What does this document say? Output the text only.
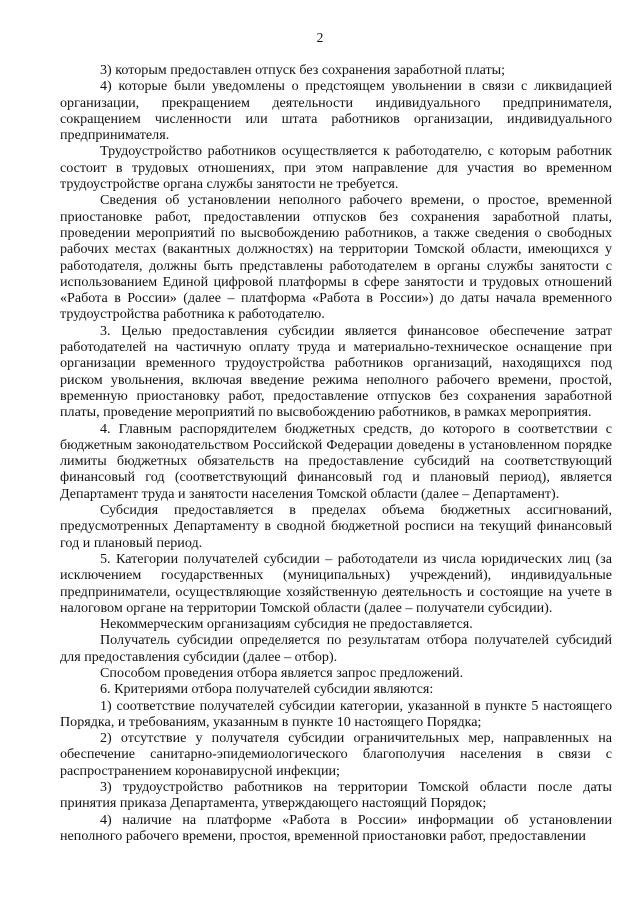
2

3) которым предоставлен отпуск без сохранения заработной платы;

4) которые были уведомлены о предстоящем увольнении в связи с ликвидацией организации, прекращением деятельности индивидуального предпринимателя, сокращением численности или штата работников организации, индивидуального предпринимателя.

Трудоустройство работников осуществляется к работодателю, с которым работник состоит в трудовых отношениях, при этом направление для участия во временном трудоустройстве органа службы занятости не требуется.

Сведения об установлении неполного рабочего времени, о простое, временной приостановке работ, предоставлении отпусков без сохранения заработной платы, проведении мероприятий по высвобождению работников, а также сведения о свободных рабочих местах (вакантных должностях) на территории Томской области, имеющихся у работодателя, должны быть представлены работодателем в органы службы занятости с использованием Единой цифровой платформы в сфере занятости и трудовых отношений «Работа в России» (далее – платформа «Работа в России») до даты начала временного трудоустройства работника к работодателю.

3. Целью предоставления субсидии является финансовое обеспечение затрат работодателей на частичную оплату труда и материально-техническое оснащение при организации временного трудоустройства работников организаций, находящихся под риском увольнения, включая введение режима неполного рабочего времени, простой, временную приостановку работ, предоставление отпусков без сохранения заработной платы, проведение мероприятий по высвобождению работников, в рамках мероприятия.

4. Главным распорядителем бюджетных средств, до которого в соответствии с бюджетным законодательством Российской Федерации доведены в установленном порядке лимиты бюджетных обязательств на предоставление субсидий на соответствующий финансовый год (соответствующий финансовый год и плановый период), является Департамент труда и занятости населения Томской области (далее – Департамент).

Субсидия предоставляется в пределах объема бюджетных ассигнований, предусмотренных Департаменту в сводной бюджетной росписи на текущий финансовый год и плановый период.

5. Категории получателей субсидии – работодатели из числа юридических лиц (за исключением государственных (муниципальных) учреждений), индивидуальные предприниматели, осуществляющие хозяйственную деятельность и состоящие на учете в налоговом органе на территории Томской области (далее – получатели субсидии).

Некоммерческим организациям субсидия не предоставляется.

Получатель субсидии определяется по результатам отбора получателей субсидий для предоставления субсидии (далее – отбор).

Способом проведения отбора является запрос предложений.

6. Критериями отбора получателей субсидии являются:

1) соответствие получателей субсидии категории, указанной в пункте 5 настоящего Порядка, и требованиям, указанным в пункте 10 настоящего Порядка;

2) отсутствие у получателя субсидии ограничительных мер, направленных на обеспечение санитарно-эпидемиологического благополучия населения в связи с распространением коронавирусной инфекции;

3) трудоустройство работников на территории Томской области после даты принятия приказа Департамента, утверждающего настоящий Порядок;

4) наличие на платформе «Работа в России» информации об установлении неполного рабочего времени, простоя, временной приостановки работ, предоставлении
